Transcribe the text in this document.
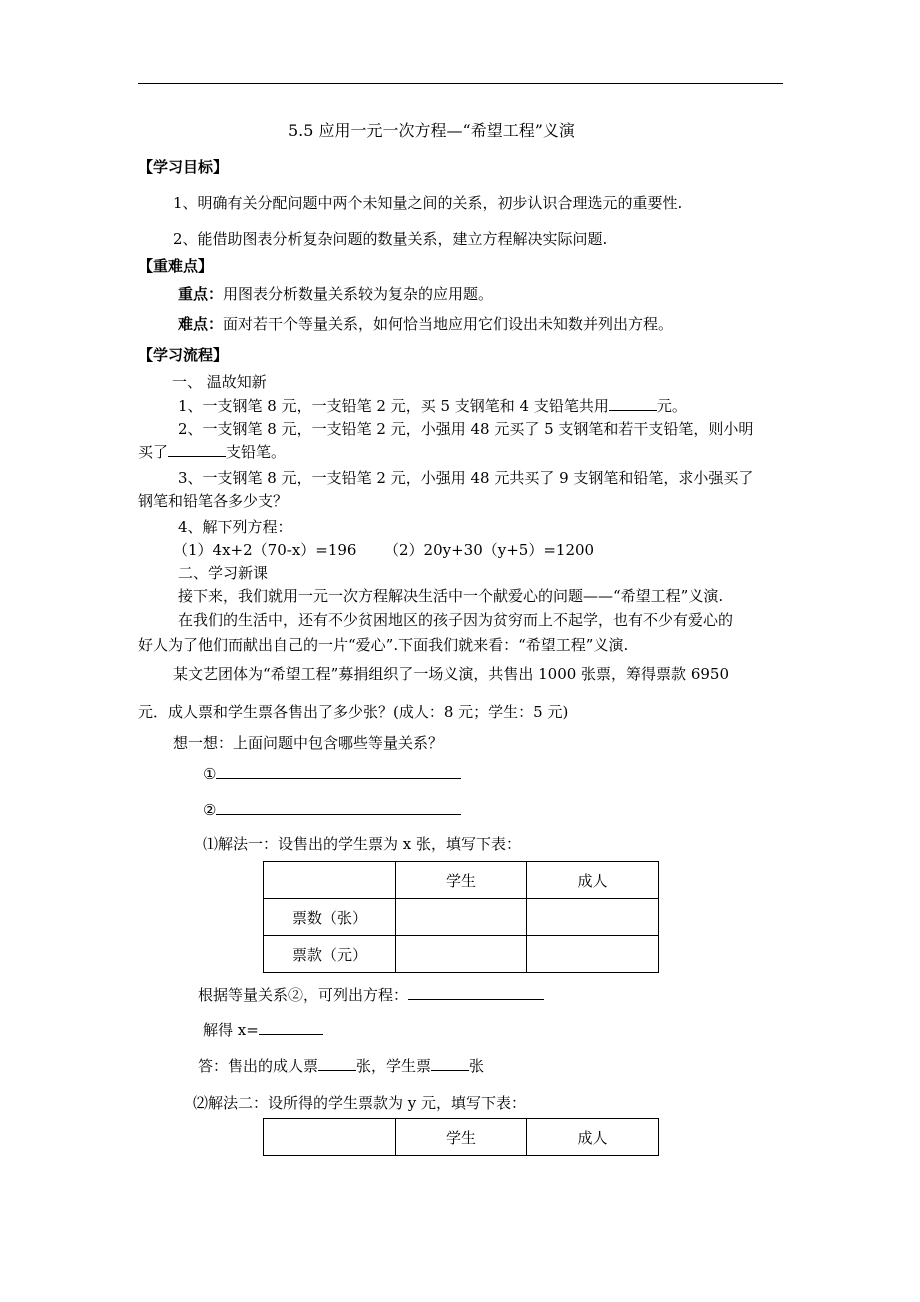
5.5 应用一元一次方程—“希望工程”义演
【学习目标】
1、明确有关分配问题中两个未知量之间的关系，初步认识合理选元的重要性.
2、能借助图表分析复杂问题的数量关系，建立方程解决实际问题.
【重难点】
重点：用图表分析数量关系较为复杂的应用题。
难点：面对若干个等量关系，如何恰当地应用它们设出未知数并列出方程。
【学习流程】
一、 温故知新
1、一支钢笔 8 元，一支铅笔 2 元，买 5 支钢笔和 4 支铅笔共用	元。
2、一支钢笔 8 元，一支铅笔 2 元，小强用 48 元买了 5 支钢笔和若干支铅笔，则小明
买了	支铅笔。
3、一支钢笔 8 元，一支铅笔 2 元，小强用 48 元共买了 9 支钢笔和铅笔，求小强买了
钢笔和铅笔各多少支？
4、解下列方程：
（1）4x+2（70-x）=196 （2）20y+30（y+5）=1200
二、学习新课
接下来，我们就用一元一次方程解决生活中一个献爱心的问题——“希望工程”义演.
在我们的生活中，还有不少贫困地区的孩子因为贫穷而上不起学，也有不少有爱心的
好人为了他们而献出自己的一片“爱心”.下面我们就来看：“希望工程”义演.
某文艺团体为“希望工程”募捐组织了一场义演，共售出 1000 张票，筹得票款 6950
元．成人票和学生票各售出了多少张？(成人：8 元；学生：5 元)
想一想：上面问题中包含哪些等量关系？
①
②
⑴解法一：设售出的学生票为 x 张，填写下表：
	学生	成人
票数（张）		
票款（元）		
根据等量关系②，可列出方程：
解得 x=
答：售出的成人票	张，学生票	张
⑵解法二：设所得的学生票款为 y 元，填写下表：
	学生	成人
